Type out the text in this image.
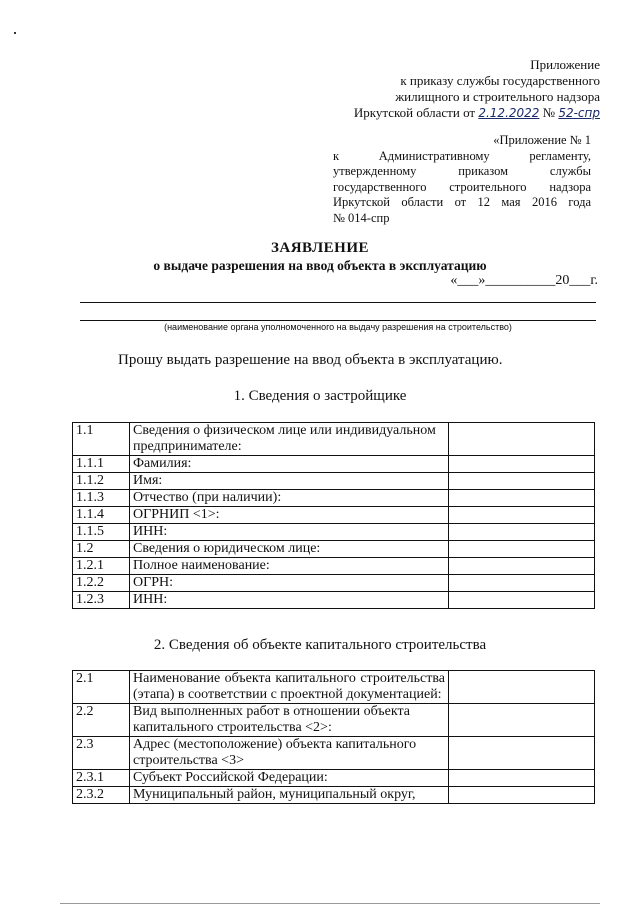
Приложение
к приказу службы государственного
жилищного и строительного надзора
Иркутской области от 2.12.2022 № 52-спр
«Приложение № 1
к Административному регламенту,
утвержденному приказом службы
государственного строительного надзора
Иркутской области от 12 мая 2016 года
№ 014-спр
ЗАЯВЛЕНИЕ
о выдаче разрешения на ввод объекта в эксплуатацию
«___»__________20___г.
(наименование органа уполномоченного на выдачу разрешения на строительство)
Прошу выдать разрешение на ввод объекта в эксплуатацию.
1. Сведения о застройщике
1.1	Сведения о физическом лице или индивидуальном предпринимателе:	
1.1.1	Фамилия:	
1.1.2	Имя:	
1.1.3	Отчество (при наличии):	
1.1.4	ОГРНИП <1>:	
1.1.5	ИНН:	
1.2	Сведения о юридическом лице:	
1.2.1	Полное наименование:	
1.2.2	ОГРН:	
1.2.3	ИНН:	
2. Сведения об объекте капитального строительства
2.1	Наименование объекта капитального строительства (этапа) в соответствии с проектной документацией:	
2.2	Вид выполненных работ в отношении объекта капитального строительства <2>:	
2.3	Адрес (местоположение) объекта капитального строительства <3>	
2.3.1	Субъект Российской Федерации:	
2.3.2	Муниципальный район, муниципальный округ,	
